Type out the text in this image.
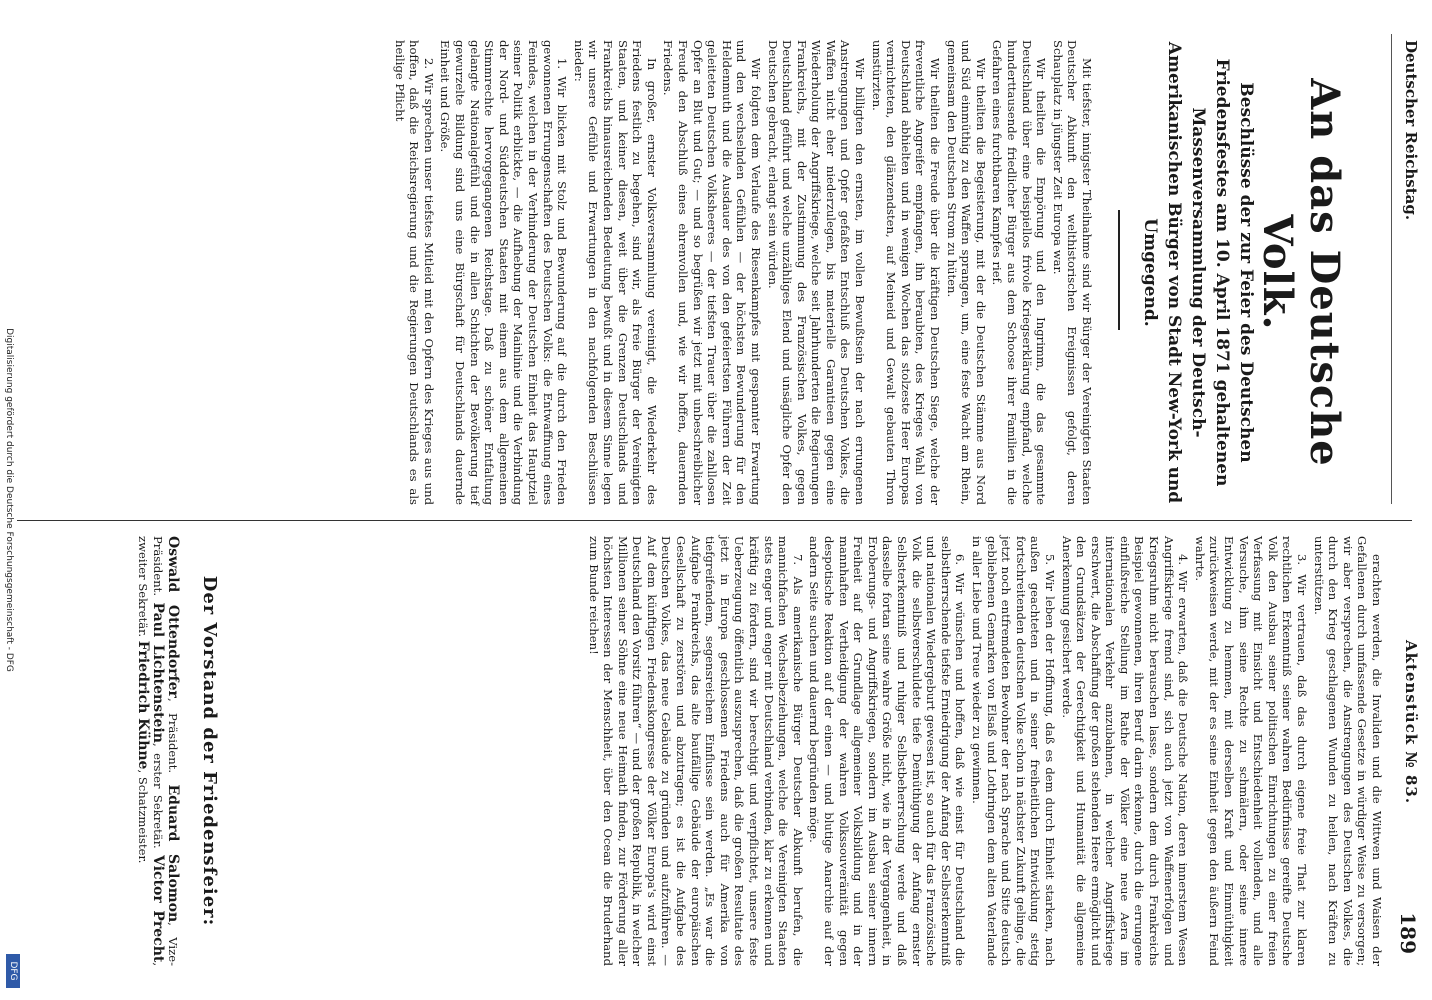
Deutscher Reichstag.
Aktenstück № 83.
189
An das Deutsche Volk.
Beschlüsse der zur Feier des Deutschen Friedensfestes am 10. April 1871 gehaltenen Massenversammlung der Deutsch-Amerikanischen Bürger von Stadt New-York und Umgegend.

Mit tiefster, innigster Theilnahme sind wir Bürger der Vereinigten Staaten Deutscher Abkunft den welthistorischen Ereignissen gefolgt, deren Schauplatz in jüngster Zeit Europa war.

Wir theilten die Empörung und den Ingrimm, die das gesammte Deutschland über eine beispiellos frivole Kriegserklärung empfand, welche hunderttausende friedlicher Bürger aus dem Schoose ihrer Familien in die Gefahren eines furchtbaren Kampfes rief.

Wir theilten die Begeisterung, mit der die Deutschen Stämme aus Nord und Süd einmüthig zu den Waffen sprangen, um, eine feste Wacht am Rhein, gemeinsam den Deutschen Strom zu hüten.

Wir theilten die Freude über die kräftigen Deutschen Siege, welche der freventliche Angreifer empfangen, ihn beraubten, des Krieges Wahl von Deutschland abhielten und in wenigen Wochen das stolzeste Heer Europas vernichteten, den glänzendsten, auf Meineid und Gewalt gebauten Thron umstürzten.

Wir billigten den ernsten, im vollen Bewußtsein der nach errungenen Anstrengungen und Opfer gefaßten Entschluß des Deutschen Volkes, die Waffen nicht eher niederzulegen, bis materielle Garantieen gegen eine Wiederholung der Angriffskriege, welche seit Jahrhunderten die Regierungen Frankreichs, mit der Zustimmung des Französischen Volkes, gegen Deutschland geführt und welche unzähliges Elend und unsägliche Opfer den Deutschen gebracht, erlangt sein würden.

Wir folgten dem Verlaufe des Riesenkampfes mit gespannter Erwartung und den wechselnden Gefühlen — der höchsten Bewunderung für den Heldenmuth und die Ausdauer des von den gefeiertsten Führern der Zeit geleiteten Deutschen Volksheeres — der tiefsten Trauer über die zahllosen Opfer an Blut und Gut; — und so begrüßen wir jetzt mit unbeschreiblicher Freude den Abschluß eines ehrenvollen und, wie wir hoffen, dauernden Friedens.

In großer, ernster Volksversammlung vereinigt, die Wiederkehr des Friedens festlich zu begehen, sind wir, als freie Bürger der Vereinigten Staaten, und keiner diesen, weit über die Grenzen Deutschlands und Frankreichs hinausreichenden Bedeutung bewußt und in diesem Sinne legen wir unsere Gefühle und Erwartungen in den nachfolgenden Beschlüssen nieder:

1. Wir blicken mit Stolz und Bewunderung auf die durch den Frieden gewonnenen Errungenschaften des Deutschen Volks: die Entwaffnung eines Feindes, welchen in der Verhinderung der Deutschen Einheit das Hauptziel seiner Politik erblickte, — die Aufhebung der Mainlinie und die Verbindung der Nord- und Süddeutschen Staaten mit einem aus dem allgemeinen Stimmrechte hervorgegangenen Reichstage. Daß zu schöner Entfaltung gelangte Nationalgefühl und die in allen Schichten der Bevölkerung tief gewurzelte Bildung sind uns eine Bürgschaft für Deutschlands dauernde Einheit und Größe.

2. Wir sprechen unser tiefstes Mitleid mit den Opfern des Krieges aus und hoffen, daß die Reichsregierung und die Regierungen Deutschlands es als heilige Pflicht

erachten werden, die Invaliden und die Wittwen und Waisen der Gefallenen durch umfassende Gesetze in würdiger Weise zu versorgen; wir aber versprechen, die Anstrengungen des Deutschen Volkes, die durch den Krieg geschlagenen Wunden zu heilen, nach Kräften zu unterstützen.

3. Wir vertrauen, daß das durch eigene freie That zur klaren rechtlichen Erkenntniß seiner wahren Bedürfnisse gereifte Deutsche Volk den Ausbau seiner politischen Einrichtungen zu einer freien Verfassung mit Einsicht und Entschiedenheit vollenden, und alle Versuche, ihm seine Rechte zu schmälern, oder seine innere Entwicklung zu hemmen, mit derselben Kraft und Einmüthigkeit zurückweisen werde, mit der es seine Einheit gegen den äußern Feind wahrte.

4. Wir erwarten, daß die Deutsche Nation, deren innerstem Wesen Angriffskriege fremd sind, sich auch jetzt von Waffenerfolgen und Kriegsruhm nicht berauschen lasse, sondern dem durch Frankreichs Beispiel gewonnenen, ihren Beruf darin erkenne, durch die errungene einflußreiche Stellung im Rathe der Völker eine neue Aera im internationalen Verkehr anzubahnen, in welcher Angriffskriege erschwert, die Abschaffung der großen stehenden Heere ermöglicht und den Grundsätzen der Gerechtigkeit und Humanität die allgemeine Anerkennung gesichert werde.

5. Wir leben der Hoffnung, daß es dem durch Einheit starken, nach außen geachteten und in seiner freiheitlichen Entwicklung stetig fortschreitenden deutschen Volke schon in nächster Zukunft gelinge, die jetzt noch entfremdeten Bewohner der nach Sprache und Sitte deutsch gebliebenen Gemarken von Elsaß und Lothringen dem alten Vaterlande in aller Liebe und Treue wieder zu gewinnen.

6. Wir wünschen und hoffen, daß wie einst für Deutschland die selbstherrschende tiefste Erniedrigung der Anfang der Selbsterkenntniß und nationalen Wiedergeburt gewesen ist, so auch für das Französische Volk die selbstverschuldete tiefe Demüthigung der Anfang ernster Selbsterkenntniß und ruhiger Selbstbeherrschung werde und daß dasselbe fortan seine wahre Größe nicht, wie in der Vergangenheit, in Eroberungs- und Angriffskriegen, sondern im Ausbau seiner innern Freiheit auf der Grundlage allgemeiner Volksbildung und in der mannhaften Vertheidigung der wahren Volkssouveränität gegen despotische Reaktion auf der einen — und blutige Anarchie auf der andern Seite suchen und dauernd begründen möge.

7. Als amerikanische Bürger Deutscher Abkunft berufen, die mannichfachen Wechselbeziehungen, welche die Vereinigten Staaten stets enger und enger mit Deutschland verbinden, klar zu erkennen und kräftig zu fördern, sind wir berechtigt und verpflichtet, unsere feste Ueberzeugung öffentlich auszusprechen, daß die großen Resultate des jetzt in Europa geschlossenen Friedens auch für Amerika von tiefgreifendem, segensreichem Einflusse sein werden. „Es war die Aufgabe Frankreichs, das alte baufällige Gebäude der europäischen Gesellschaft zu zerstören und abzutragen; es ist die Aufgabe des Deutschen Volkes, das neue Gebäude zu gründen und aufzuführen. — Auf dem künftigen Friedenskongresse der Völker Europa's wird einst Deutschland den Vorsitz führen“ — und der großen Republik, in welcher Millionen seiner Söhne eine neue Heimath finden, zur Förderung aller höchsten Interessen der Menschheit, über den Ocean die Bruderhand zum Bunde reichen!

Der Vorstand der Friedensfeier:
Oswald Ottendorfer, Präsident. Eduard Salomon, Vize-Präsident. Paul Lichtenstein, erster Sekretär. Victor Precht, zweiter Sekretär. Friedrich Kühne, Schatzmeister.
Digitalisierung gefördert durch die Deutsche Forschungsgemeinschaft - DFG
DFG
